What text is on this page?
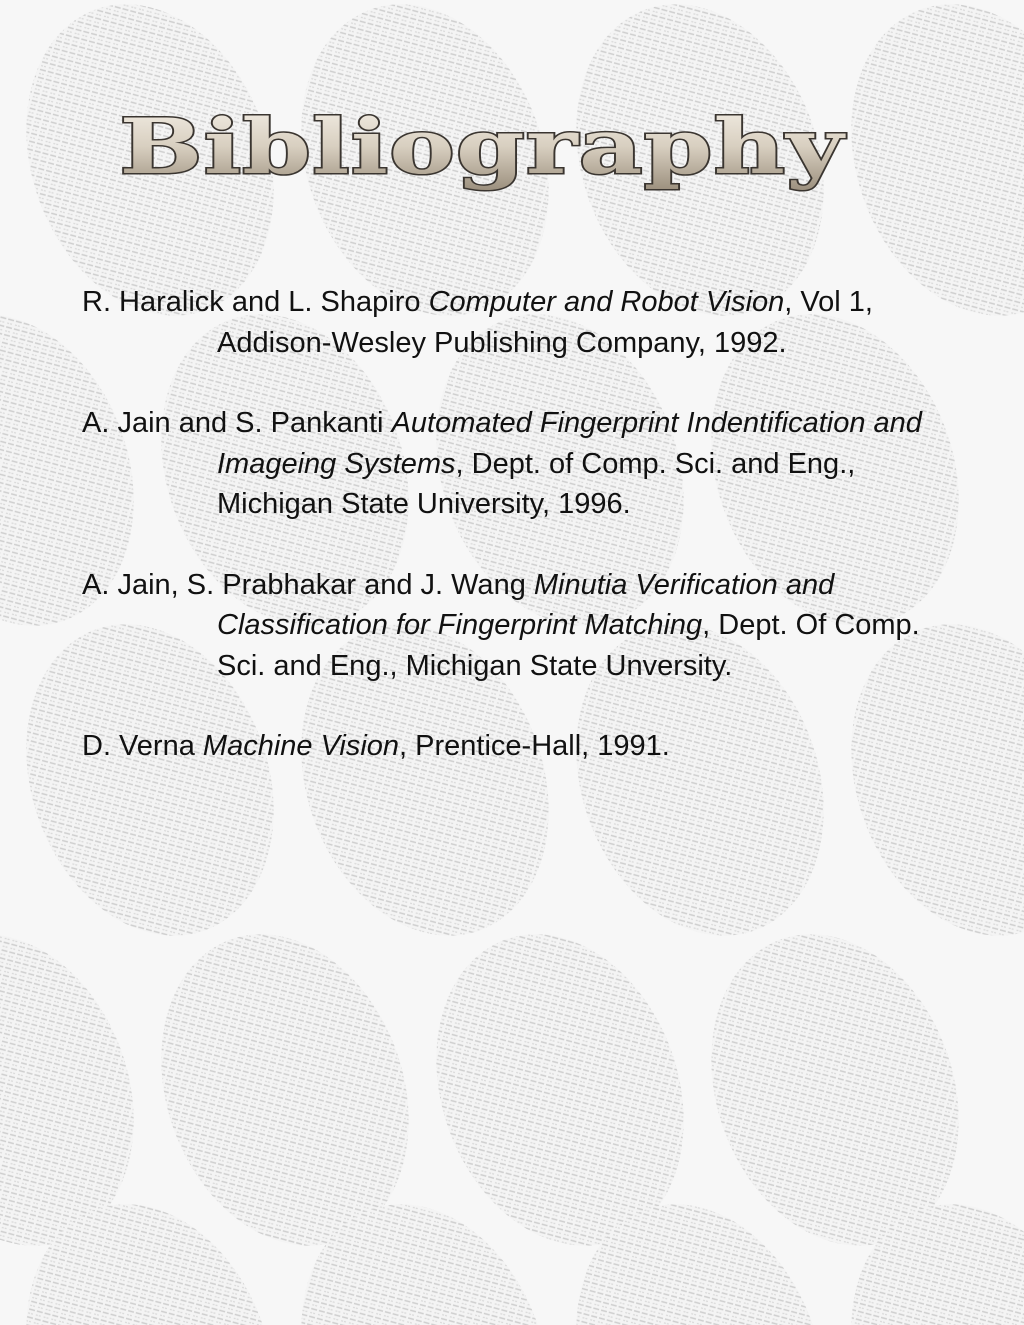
Bibliography

R. Haralick and L. Shapiro Computer and Robot Vision, Vol 1, Addison-Wesley Publishing Company, 1992.

A. Jain and S. Pankanti Automated Fingerprint Indentification and Imageing Systems, Dept. of Comp. Sci. and Eng., Michigan State University, 1996.

A. Jain, S. Prabhakar and J. Wang Minutia Verification and Classification for Fingerprint Matching, Dept. Of Comp. Sci. and Eng., Michigan State Unversity.

D. Verna Machine Vision, Prentice-Hall, 1991.
